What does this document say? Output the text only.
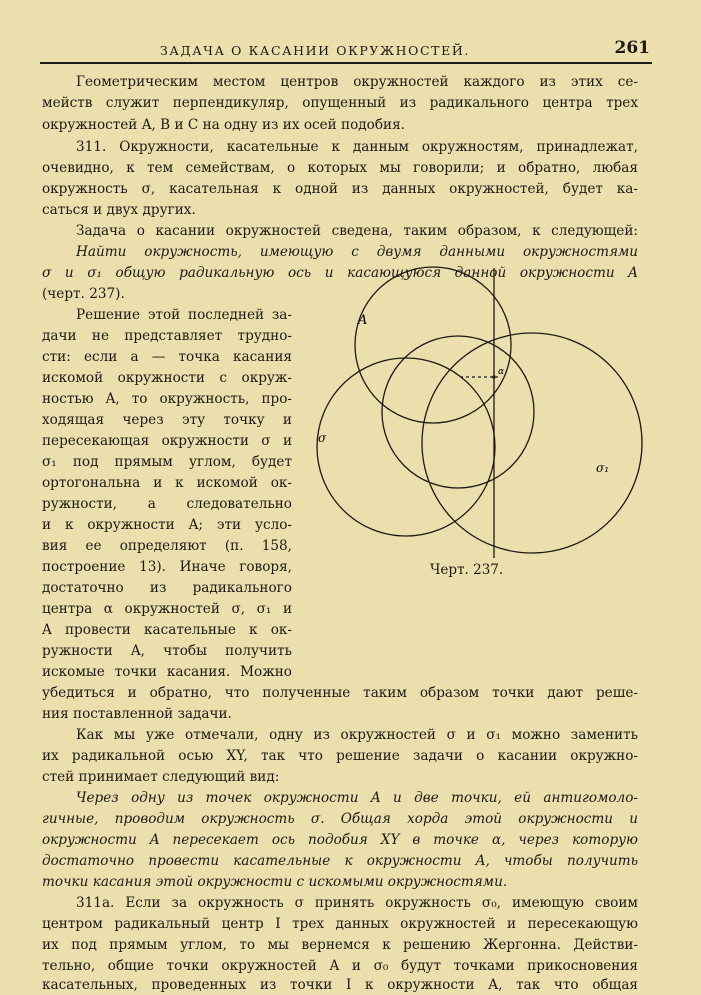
ЗАДАЧА О КАСАНИИ ОКРУЖНОСТЕЙ.	261
Геометрическим местом центров окружностей каждого из этих се-
мейств служит перпендикуляр, опущенный из радикального центра трех
окружностей A, B и C на одну из их осей подобия.
311. Окружности, касательные к данным окружностям, принадлежат,
очевидно, к тем семействам, о которых мы говорили; и обратно, любая
окружность σ, касательная к одной из данных окружностей, будет ка-
саться и двух других.
Задача о касании окружностей сведена, таким образом, к следующей:
Найти окружность, имеющую с двумя данными окружностями
σ и σ₁ общую радикальную ось и касающуюся данной окружности A
(черт. 237).
Решение этой последней за-
дачи не представляет трудно-
сти: если a — точка касания
искомой окружности с окруж-
ностью A, то окружность, про-
ходящая через эту точку и
пересекающая окружности σ и
σ₁ под прямым углом, будет
ортогональна и к искомой ок-
ружности, а следовательно
и к окружности A; эти усло-
вия ее определяют (п. 158,
построение 13). Иначе говоря,
достаточно из радикального
центра α окружностей σ, σ₁ и
A провести касательные к ок-
ружности A, чтобы получить
искомые точки касания. Можно
убедиться и обратно, что полученные таким образом точки дают реше-
ния поставленной задачи.
Как мы уже отмечали, одну из окружностей σ и σ₁ можно заменить
их радикальной осью XY, так что решение задачи о касании окружно-
стей принимает следующий вид:
Через одну из точек окружности A и две точки, ей антигомоло-
гичные, проводим окружность σ. Общая хорда этой окружности и
окружности A пересекает ось подобия XY в точке α, через которую
достаточно провести касательные к окружности A, чтобы получить
точки касания этой окружности с искомыми окружностями.
311a. Если за окружность σ принять окружность σ₀, имеющую своим
центром радикальный центр I трех данных окружностей и пересекающую
их под прямым углом, то мы вернемся к решению Жергонна. Действи-
тельно, общие точки окружностей A и σ₀ будут точками прикосновения
касательных, проведенных из точки I к окружности A, так что общая
A
α
σ
σ₁
Черт. 237.
